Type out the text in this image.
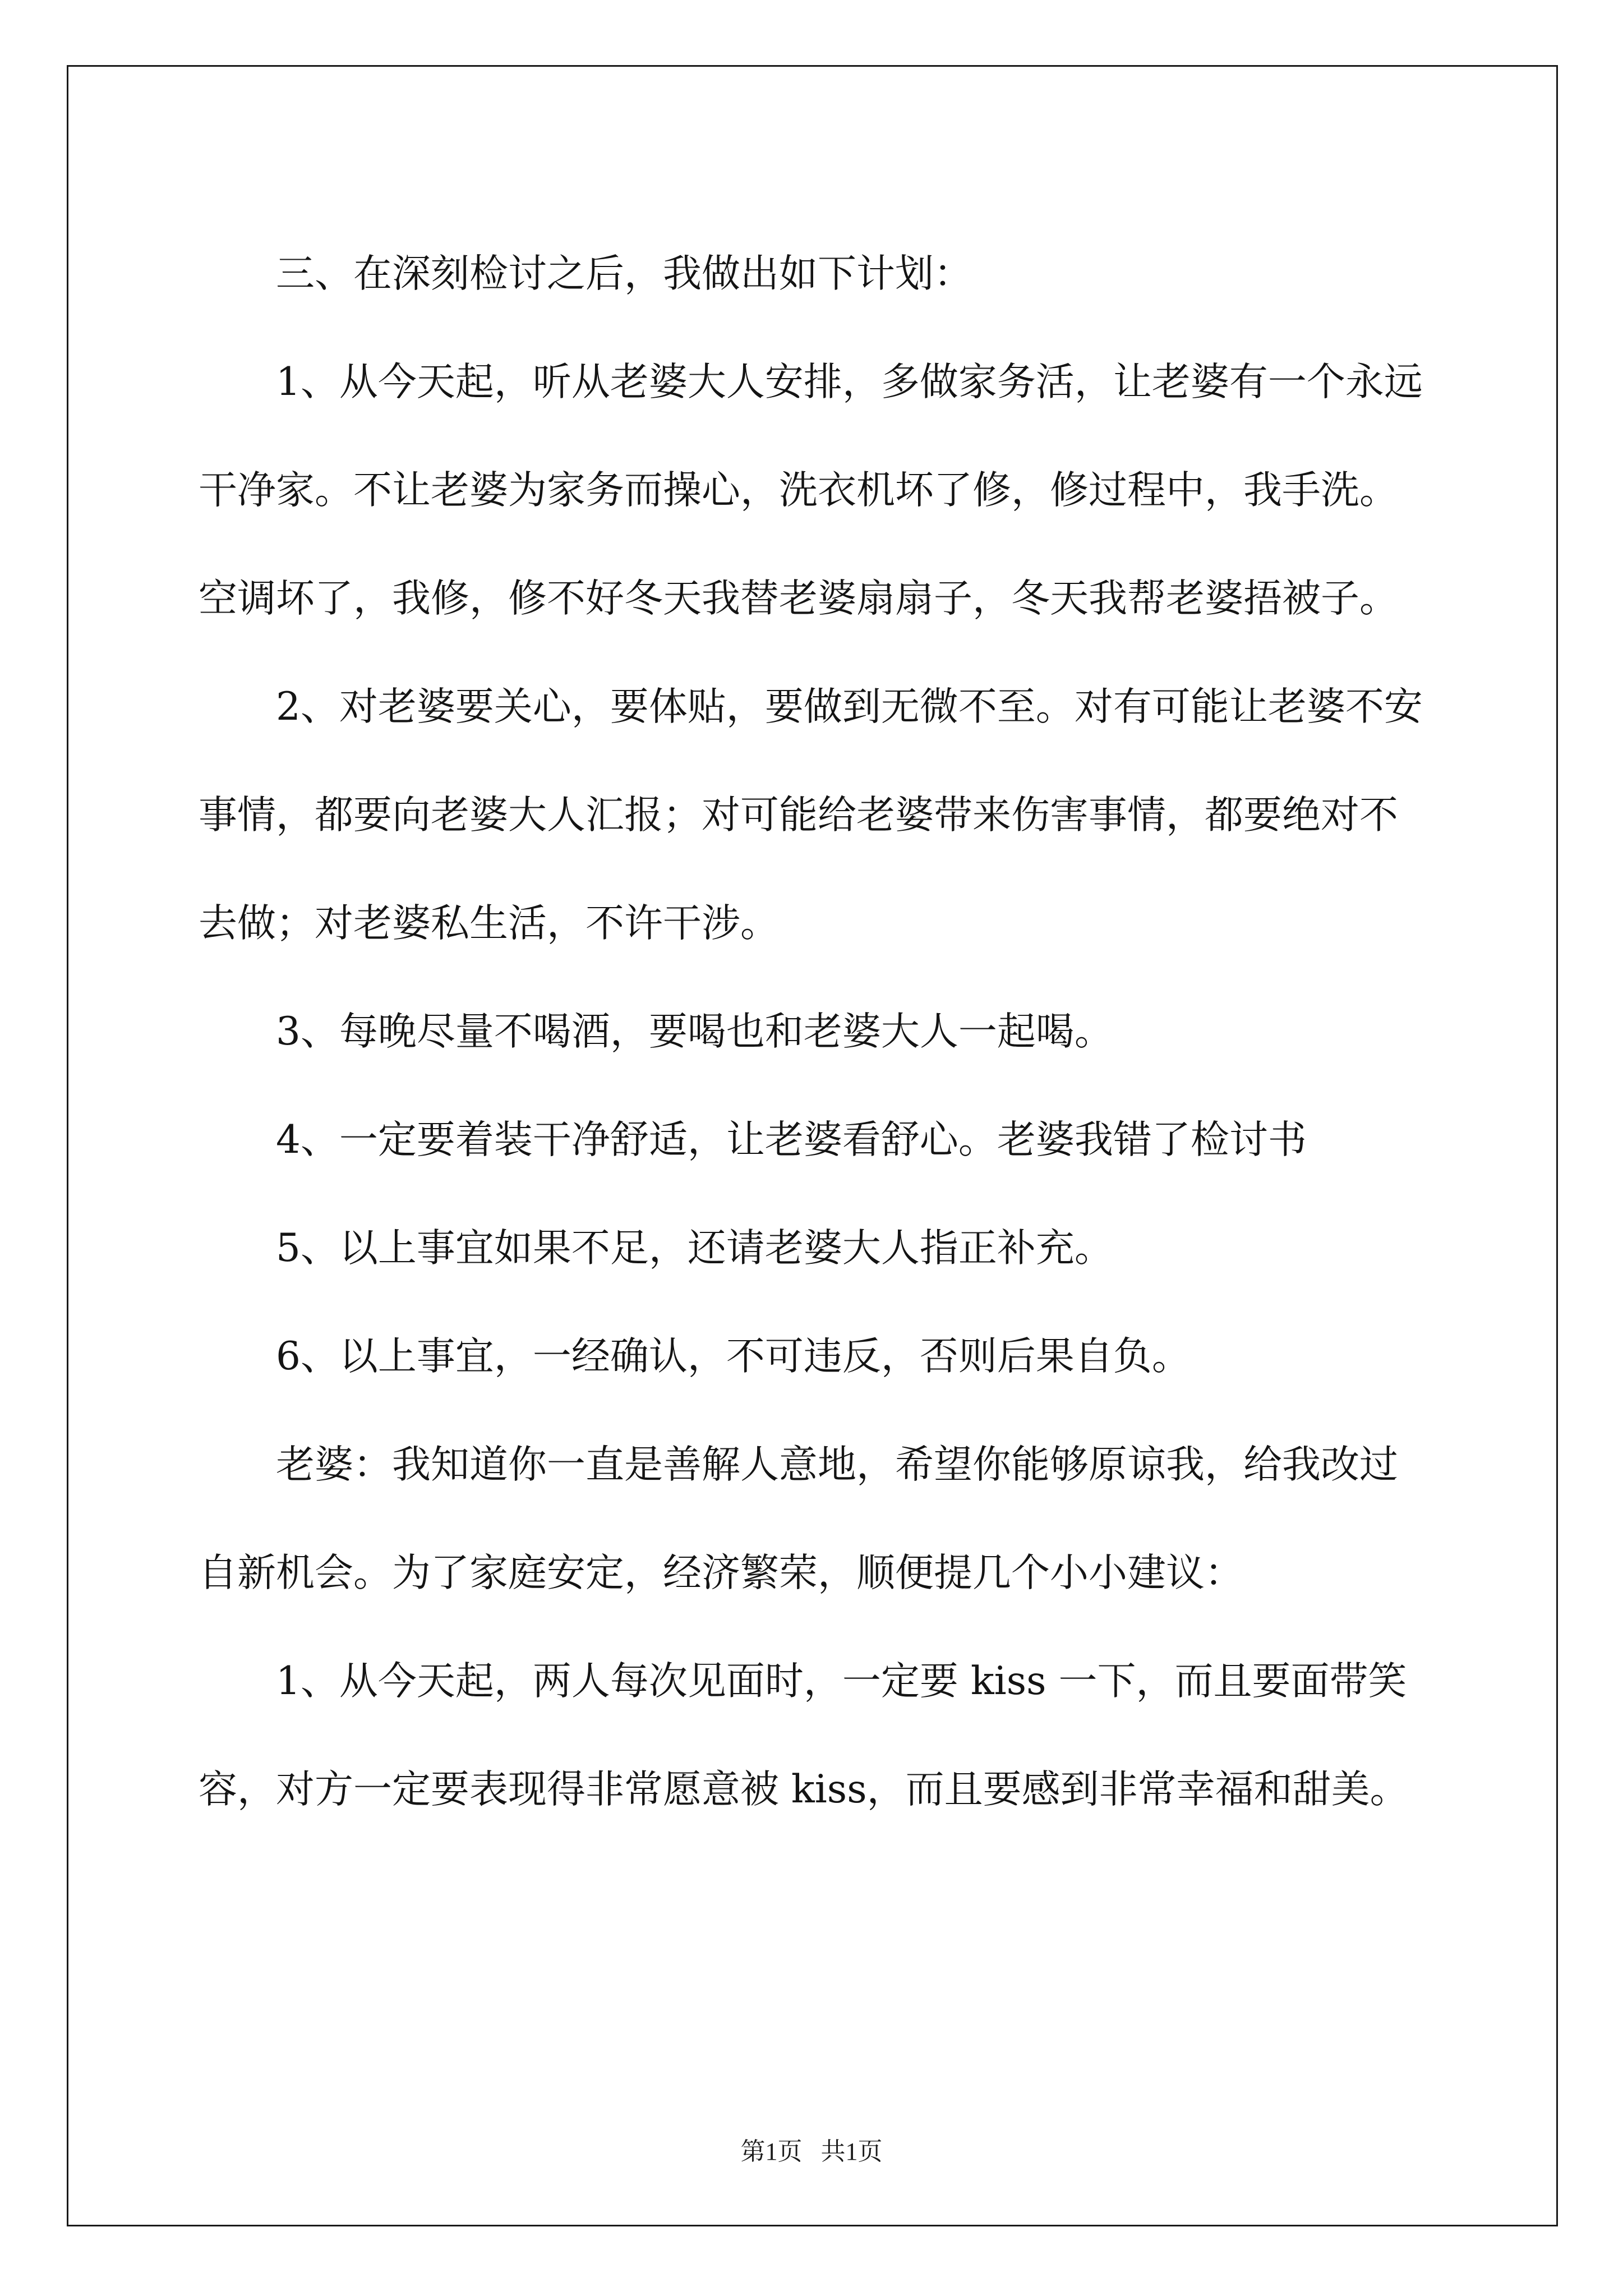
三、在深刻检讨之后，我做出如下计划：

1、从今天起，听从老婆大人安排，多做家务活，让老婆有一个永远干净家。不让老婆为家务而操心，洗衣机坏了修，修过程中，我手洗。空调坏了，我修，修不好冬天我替老婆扇扇子，冬天我帮老婆捂被子。

2、对老婆要关心，要体贴，要做到无微不至。对有可能让老婆不安事情，都要向老婆大人汇报；对可能给老婆带来伤害事情，都要绝对不去做；对老婆私生活，不许干涉。

3、每晚尽量不喝酒，要喝也和老婆大人一起喝。

4、一定要着装干净舒适，让老婆看舒心。老婆我错了检讨书

5、以上事宜如果不足，还请老婆大人指正补充。

6、以上事宜，一经确认，不可违反，否则后果自负。

老婆：我知道你一直是善解人意地，希望你能够原谅我，给我改过自新机会。为了家庭安定，经济繁荣，顺便提几个小小建议：

1、从今天起，两人每次见面时，一定要 kiss 一下，而且要面带笑容，对方一定要表现得非常愿意被 kiss，而且要感到非常幸福和甜美。

第1页   共1页
